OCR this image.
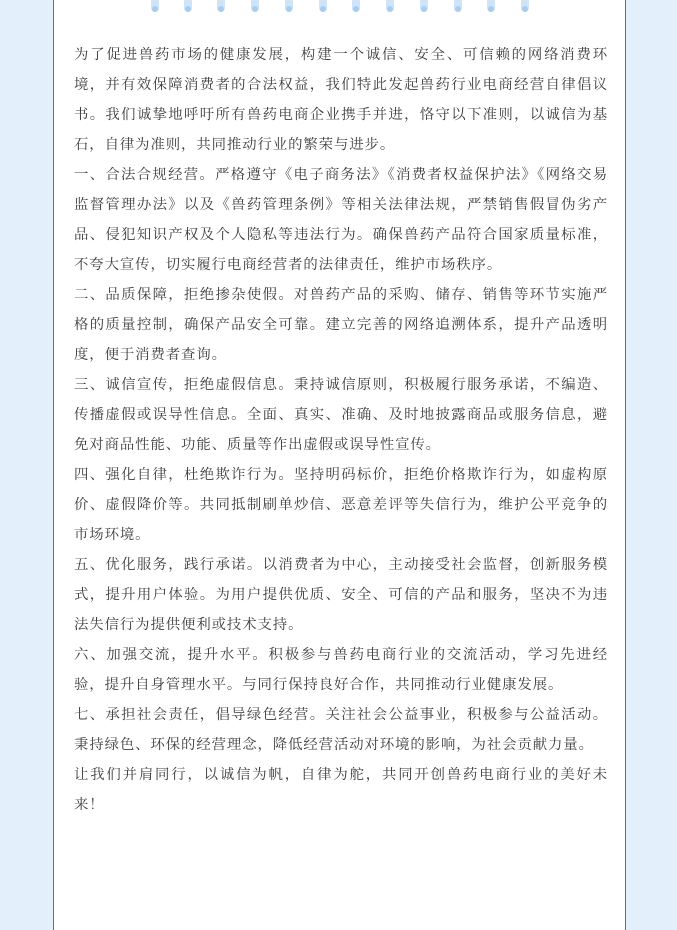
为了促进兽药市场的健康发展，构建一个诚信、安全、可信赖的网络消费环境，并有效保障消费者的合法权益，我们特此发起兽药行业电商经营自律倡议书。我们诚挚地呼吁所有兽药电商企业携手并进，恪守以下准则，以诚信为基石，自律为准则，共同推动行业的繁荣与进步。

一、合法合规经营。严格遵守《电子商务法》《消费者权益保护法》《网络交易监督管理办法》以及《兽药管理条例》等相关法律法规，严禁销售假冒伪劣产品、侵犯知识产权及个人隐私等违法行为。确保兽药产品符合国家质量标准，不夸大宣传，切实履行电商经营者的法律责任，维护市场秩序。

二、品质保障，拒绝掺杂使假。对兽药产品的采购、储存、销售等环节实施严格的质量控制，确保产品安全可靠。建立完善的网络追溯体系，提升产品透明度，便于消费者查询。

三、诚信宣传，拒绝虚假信息。秉持诚信原则，积极履行服务承诺，不编造、传播虚假或误导性信息。全面、真实、准确、及时地披露商品或服务信息，避免对商品性能、功能、质量等作出虚假或误导性宣传。

四、强化自律，杜绝欺诈行为。坚持明码标价，拒绝价格欺诈行为，如虚构原价、虚假降价等。共同抵制刷单炒信、恶意差评等失信行为，维护公平竞争的市场环境。

五、优化服务，践行承诺。以消费者为中心，主动接受社会监督，创新服务模式，提升用户体验。为用户提供优质、安全、可信的产品和服务，坚决不为违法失信行为提供便利或技术支持。

六、加强交流，提升水平。积极参与兽药电商行业的交流活动，学习先进经验，提升自身管理水平。与同行保持良好合作，共同推动行业健康发展。

七、承担社会责任，倡导绿色经营。关注社会公益事业，积极参与公益活动。秉持绿色、环保的经营理念，降低经营活动对环境的影响，为社会贡献力量。

让我们并肩同行，以诚信为帆，自律为舵，共同开创兽药电商行业的美好未来！
